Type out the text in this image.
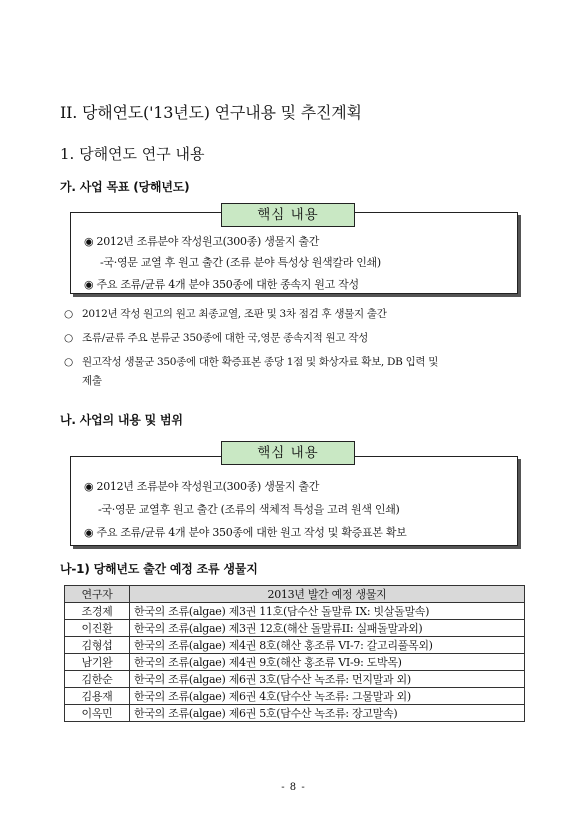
II. 당해연도('13년도) 연구내용 및 추진계획
1. 당해연도 연구 내용
가. 사업 목표 (당해년도)
핵심 내용
◉ 2012년 조류분야 작성원고(300종) 생물지 출간
-국·영문 교열 후 원고 출간 (조류 분야 특성상 원색칼라 인쇄)
◉ 주요 조류/균류 4개 분야 350종에 대한 종속지 원고 작성
○ 2012년 작성 원고의 원고 최종교열, 조판 및 3차 점검 후 생물지 출간
○ 조류/균류 주요 분류군 350종에 대한 국,영문 종속지적 원고 작성
○ 원고작성 생물군 350종에 대한 확증표본 종당 1점 및 화상자료 확보, DB 입력 및
제출
나. 사업의 내용 및 범위
핵심 내용
◉ 2012년 조류분야 작성원고(300종) 생물지 출간
-국·영문 교열후 원고 출간 (조류의 색체적 특성을 고려 원색 인쇄)
◉ 주요 조류/균류 4개 분야 350종에 대한 원고 작성 및 확증표본 확보
나-1) 당해년도 출간 예정 조류 생물지
연구자	2013년 발간 예정 생물지
조경제	한국의 조류(algae) 제3권 11호(담수산 돌말류 IX: 빗살돌말속)
이진환	한국의 조류(algae) 제3권 12호(해산 돌말류II: 실패돌말과외)
김형섭	한국의 조류(algae) 제4권 8호(해산 홍조류 VI-7: 갈고리풀목외)
남기완	한국의 조류(algae) 제4권 9호(해산 홍조류 VI-9: 도박목)
김한순	한국의 조류(algae) 제6권 3호(담수산 녹조류: 먼지말과 외)
김용재	한국의 조류(algae) 제6권 4호(담수산 녹조류: 그물말과 외)
이옥민	한국의 조류(algae) 제6권 5호(담수산 녹조류: 장고말속)
- 8 -
